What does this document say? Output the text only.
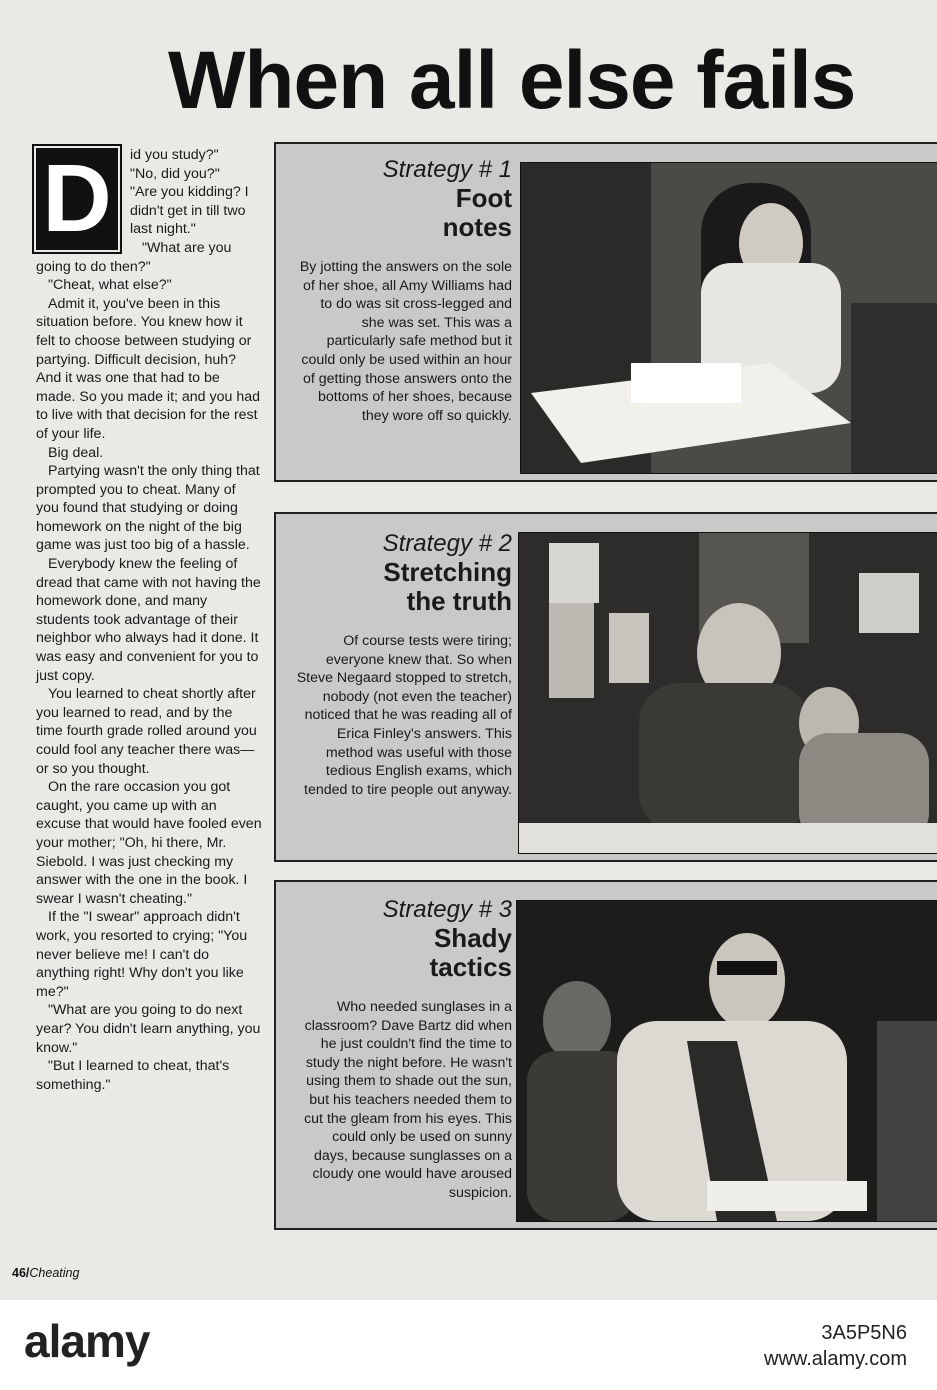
When all else fails
D	id you study?"

"No, did you?"

"Are you kidding? I didn't get in till two last night."

"What are you going to do then?"

"Cheat, what else?"

Admit it, you've been in this situation before. You knew how it felt to choose between studying or partying. Difficult decision, huh? And it was one that had to be made. So you made it; and you had to live with that decision for the rest of your life.

Big deal.

Partying wasn't the only thing that prompted you to cheat. Many of you found that studying or doing homework on the night of the big game was just too big of a hassle.

Everybody knew the feeling of dread that came with not having the homework done, and many students took advantage of their neighbor who always had it done. It was easy and convenient for you to just copy.

You learned to cheat shortly after you learned to read, and by the time fourth grade rolled around you could fool any teacher there was— or so you thought.

On the rare occasion you got caught, you came up with an excuse that would have fooled even your mother; "Oh, hi there, Mr. Siebold. I was just checking my answer with the one in the book. I swear I wasn't cheating."

If the "I swear" approach didn't work, you resorted to crying; "You never believe me! I can't do anything right! Why don't you like me?"

"What are you going to do next year? You didn't learn anything, you know."

"But I learned to cheat, that's something."

Strategy # 1
Foot
notes
By jotting the answers on the sole of her shoe, all Amy Williams had to do was sit cross-legged and she was set. This was a particularly safe method but it could only be used within an hour of getting those answers onto the bottoms of her shoes, because they wore off so quickly.
Strategy # 2
Stretching
the truth
Of course tests were tiring; everyone knew that. So when Steve Negaard stopped to stretch, nobody (not even the teacher) noticed that he was reading all of Erica Finley's answers. This method was useful with those tedious English exams, which tended to tire people out anyway.
Strategy # 3
Shady
tactics
Who needed sunglases in a classroom? Dave Bartz did when he just couldn't find the time to study the night before. He wasn't using them to shade out the sun, but his teachers needed them to cut the gleam from his eyes. This could only be used on sunny days, because sunglasses on a cloudy one would have aroused suspicion.
46/Cheating
alamy	3A5P5N6
www.alamy.com
